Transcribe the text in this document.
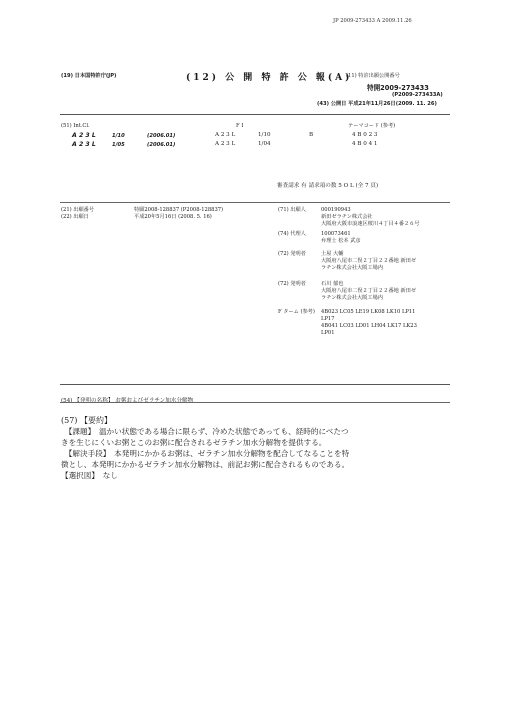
JP 2009-273433 A 2009.11.26
(19) 日本国特許庁(JP)	(12) 公 開 特 許 公 報(A)
(11) 特許出願公開番号
特開2009-273433
(P2009-273433A)
(43) 公開日 平成21年11月26日(2009. 11. 26)
(51) Int.Cl.	F I	テーマコード (参考)
A 2 3 L	1/10	(2006.01)	A 2 3 L	1/10	B	4 B 0 2 3
A 2 3 L	1/05	(2006.01)	A 2 3 L	1/04	4 B 0 4 1
審査請求 有 請求項の数 5 O L (全 7 頁)
(21) 出願番号	特願2008-128837 (P2008-128837)
(22) 出願日	平成20年5月16日 (2008. 5. 16)
(71) 出願人	000190943
新田ゼラチン株式会社
大阪府大阪市浪速区桜川４丁目４番２６号
(74) 代理人	100073461
弁理士 松本 武彦
(72) 発明者	土屋 大輔
大阪府八尾市二俣２丁目２２番地 新田ゼ
ラチン株式会社大阪工場内
(72) 発明者	石川 郁也
大阪府八尾市二俣２丁目２２番地 新田ゼ
ラチン株式会社大阪工場内
F ターム (参考) 4B023 LC05 LE19 LK08 LK10 LP11
LP17
4B041 LC03 LD01 LH04 LK17 LK23
LP01
(54) 【発明の名称】 お粥およびゼラチン加水分解物
(57) 【要約】
　【課題】　温かい状態である場合に限らず、冷めた状態であっても、経時的にべたつ
きを生じにくいお粥とこのお粥に配合されるゼラチン加水分解物を提供する。
　【解決手段】　本発明にかかるお粥は、ゼラチン加水分解物を配合してなることを特
徴とし、本発明にかかるゼラチン加水分解物は、前記お粥に配合されるものである。
【選択図】　なし
